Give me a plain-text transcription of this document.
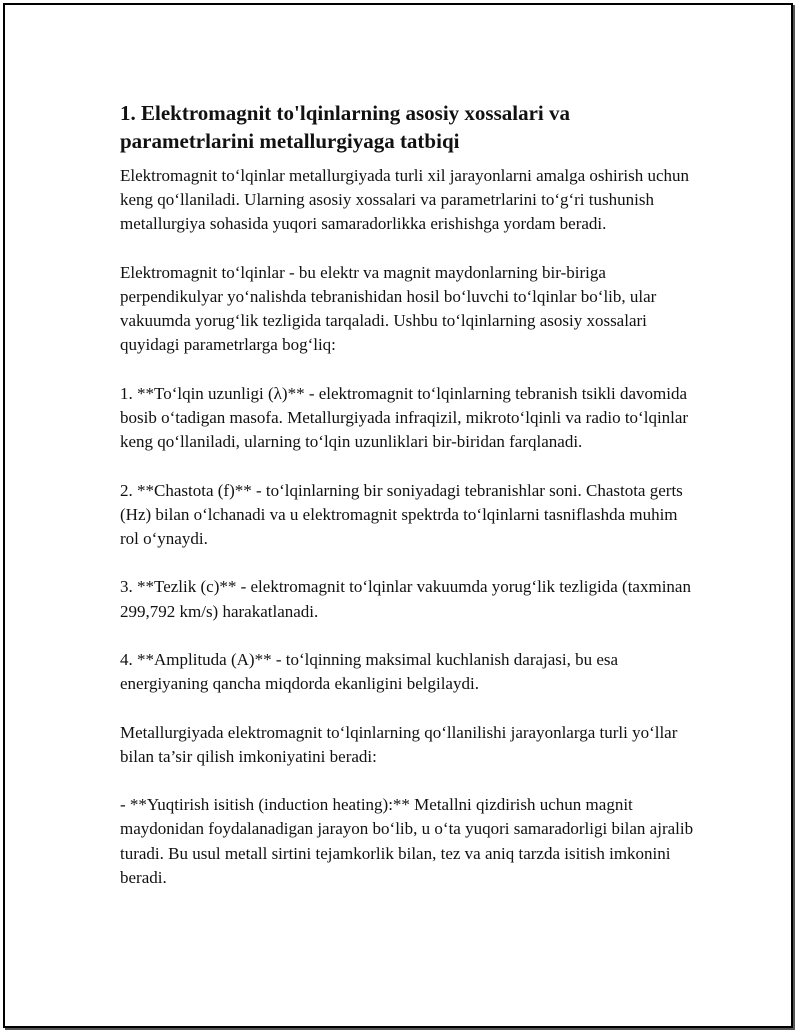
1. Elektromagnit to'lqinlarning asosiy xossalari va parametrlarini metallurgiyaga tatbiqi

Elektromagnit to‘lqinlar metallurgiyada turli xil jarayonlarni amalga oshirish uchun keng qo‘llaniladi. Ularning asosiy xossalari va parametrlarini to‘g‘ri tushunish metallurgiya sohasida yuqori samaradorlikka erishishga yordam beradi.

Elektromagnit to‘lqinlar - bu elektr va magnit maydonlarning bir-biriga perpendikulyar yo‘nalishda tebranishidan hosil bo‘luvchi to‘lqinlar bo‘lib, ular vakuumda yorug‘lik tezligida tarqaladi. Ushbu to‘lqinlarning asosiy xossalari quyidagi parametrlarga bog‘liq:

1. **To‘lqin uzunligi (λ)** - elektromagnit to‘lqinlarning tebranish tsikli davomida bosib o‘tadigan masofa. Metallurgiyada infraqizil, mikroto‘lqinli va radio to‘lqinlar keng qo‘llaniladi, ularning to‘lqin uzunliklari bir-biridan farqlanadi.

2. **Chastota (f)** - to‘lqinlarning bir soniyadagi tebranishlar soni. Chastota gerts (Hz) bilan o‘lchanadi va u elektromagnit spektrda to‘lqinlarni tasniflashda muhim rol o‘ynaydi.

3. **Tezlik (c)** - elektromagnit to‘lqinlar vakuumda yorug‘lik tezligida (taxminan 299,792 km/s) harakatlanadi.

4. **Amplituda (A)** - to‘lqinning maksimal kuchlanish darajasi, bu esa energiyaning qancha miqdorda ekanligini belgilaydi.

Metallurgiyada elektromagnit to‘lqinlarning qo‘llanilishi jarayonlarga turli yo‘llar bilan ta’sir qilish imkoniyatini beradi:

- **Yuqtirish isitish (induction heating):** Metallni qizdirish uchun magnit maydonidan foydalanadigan jarayon bo‘lib, u o‘ta yuqori samaradorligi bilan ajralib turadi. Bu usul metall sirtini tejamkorlik bilan, tez va aniq tarzda isitish imkonini beradi.
